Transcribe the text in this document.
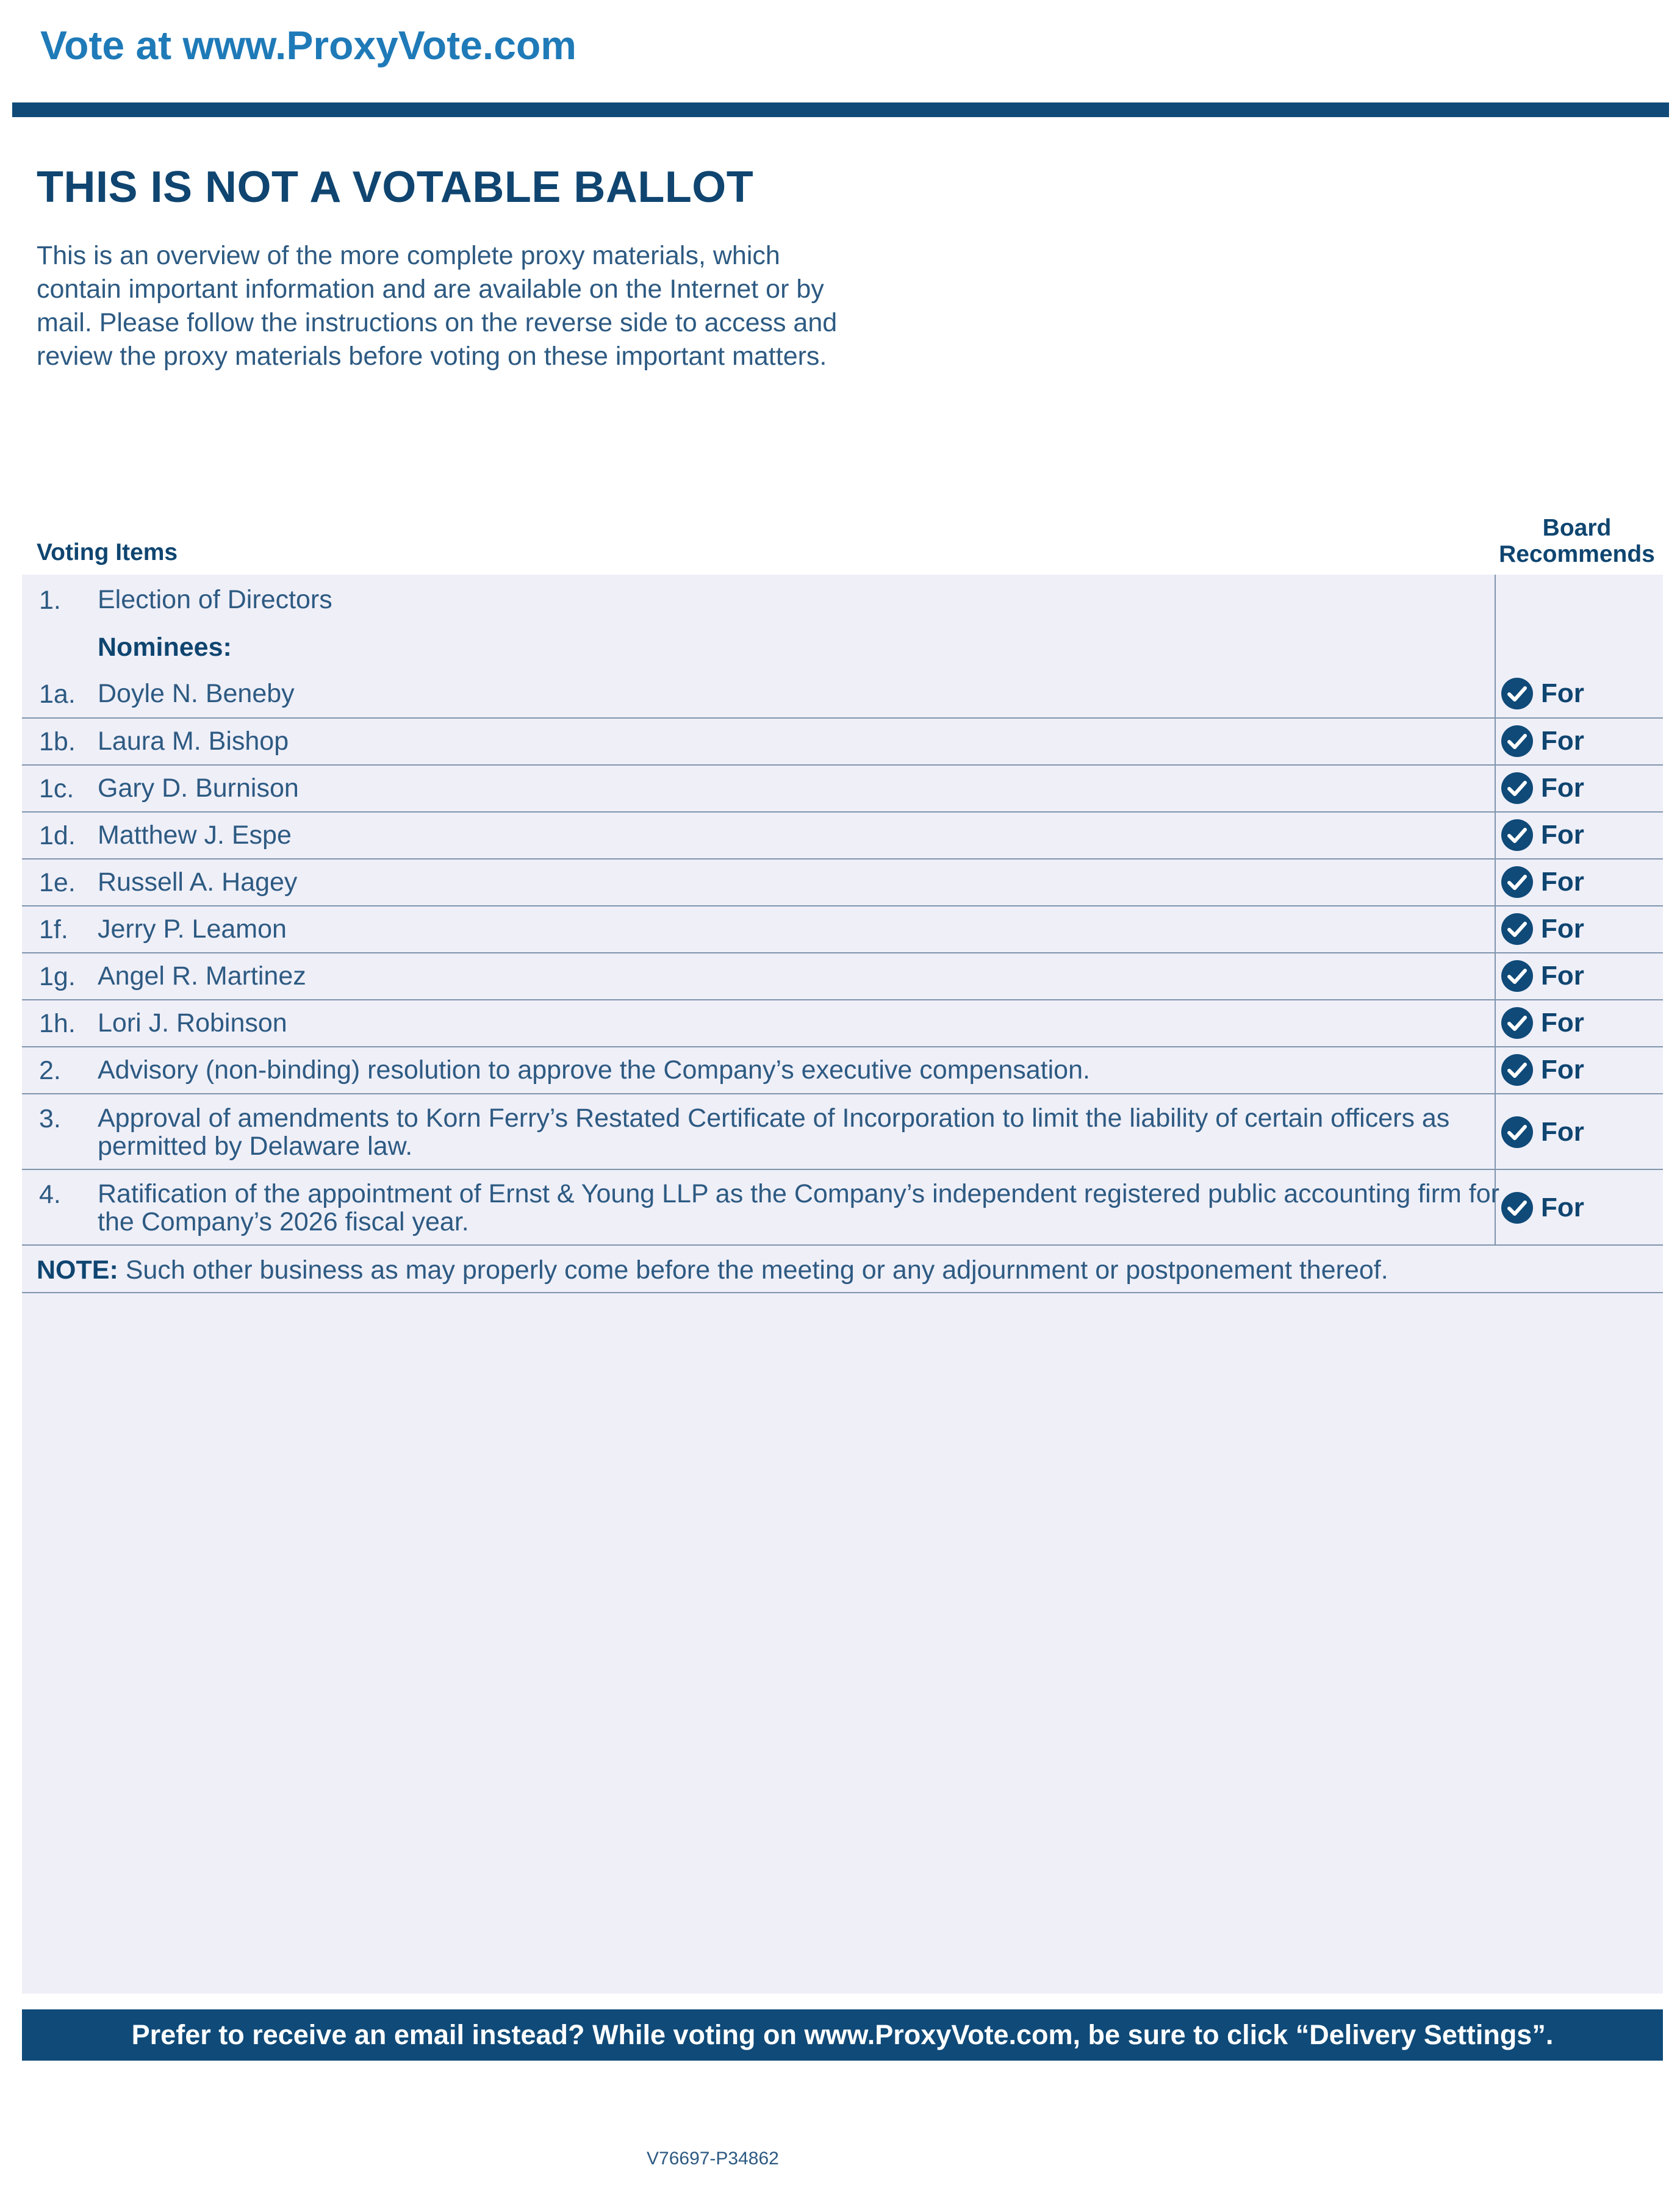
Vote at www.ProxyVote.com
THIS IS NOT A VOTABLE BALLOT

This is an overview of the more complete proxy materials, which contain important information and are available on the Internet or by mail. Please follow the instructions on the reverse side to access and review the proxy materials before voting on these important matters.

Voting Items
Board
Recommends
1. Election of Directors
Nominees:
1a. Doyle N. Beneby	For
1b. Laura M. Bishop	For
1c. Gary D. Burnison	For
1d. Matthew J. Espe	For
1e. Russell A. Hagey	For
1f. Jerry P. Leamon	For
1g. Angel R. Martinez	For
1h. Lori J. Robinson	For
2. Advisory (non-binding) resolution to approve the Company’s executive compensation.	For
3. Approval of amendments to Korn Ferry’s Restated Certificate of Incorporation to limit the liability of certain officers as permitted by Delaware law.	For
4. Ratification of the appointment of Ernst & Young LLP as the Company’s independent registered public accounting firm for the Company’s 2026 fiscal year.	For
NOTE: Such other business as may properly come before the meeting or any adjournment or postponement thereof.
Prefer to receive an email instead? While voting on www.ProxyVote.com, be sure to click “Delivery Settings”.
V76697-P34862
